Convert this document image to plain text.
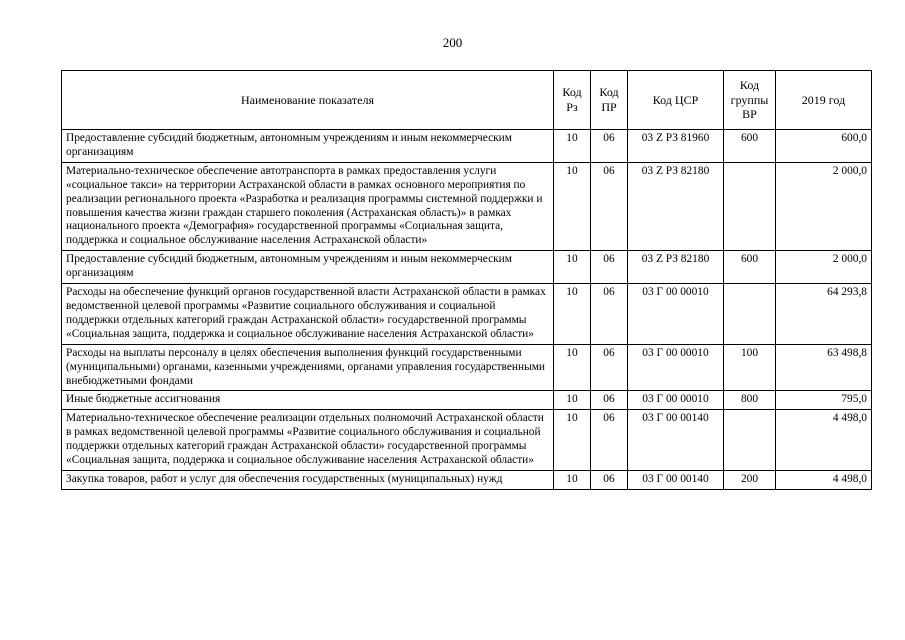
200
Наименование показателя	Код Рз	Код ПР	Код ЦСР	Код группы ВР	2019 год
Предоставление субсидий бюджетным, автономным учреждениям и иным некоммерческим организациям	10	06	03 Z РЗ 81960	600	600,0
Материально-техническое обеспечение автотранспорта в рамках предоставления услуги «социальное такси» на территории Астраханской области в рамках основного мероприятия по реализации регионального проекта «Разработка и реализация программы системной поддержки и повышения качества жизни граждан старшего поколения (Астраханская область)» в рамках национального проекта «Демография» государственной программы «Социальная защита, поддержка и социальное обслуживание населения Астраханской области»	10	06	03 Z РЗ 82180		2 000,0
Предоставление субсидий бюджетным, автономным учреждениям и иным некоммерческим организациям	10	06	03 Z РЗ 82180	600	2 000,0
Расходы на обеспечение функций органов государственной власти Астраханской области в рамках ведомственной целевой программы «Развитие социального обслуживания и социальной поддержки отдельных категорий граждан Астраханской области» государственной программы «Социальная защита, поддержка и социальное обслуживание населения Астраханской области»	10	06	03 Г 00 00010		64 293,8
Расходы на выплаты персоналу в целях обеспечения выполнения функций государственными (муниципальными) органами, казенными учреждениями, органами управления государственными внебюджетными фондами	10	06	03 Г 00 00010	100	63 498,8
Иные бюджетные ассигнования	10	06	03 Г 00 00010	800	795,0
Материально-техническое обеспечение реализации отдельных полномочий Астраханской области в рамках ведомственной целевой программы «Развитие социального обслуживания и социальной поддержки отдельных категорий граждан Астраханской области» государственной программы «Социальная защита, поддержка и социальное обслуживание населения Астраханской области»	10	06	03 Г 00 00140		4 498,0
Закупка товаров, работ и услуг для обеспечения государственных (муниципальных) нужд	10	06	03 Г 00 00140	200	4 498,0
